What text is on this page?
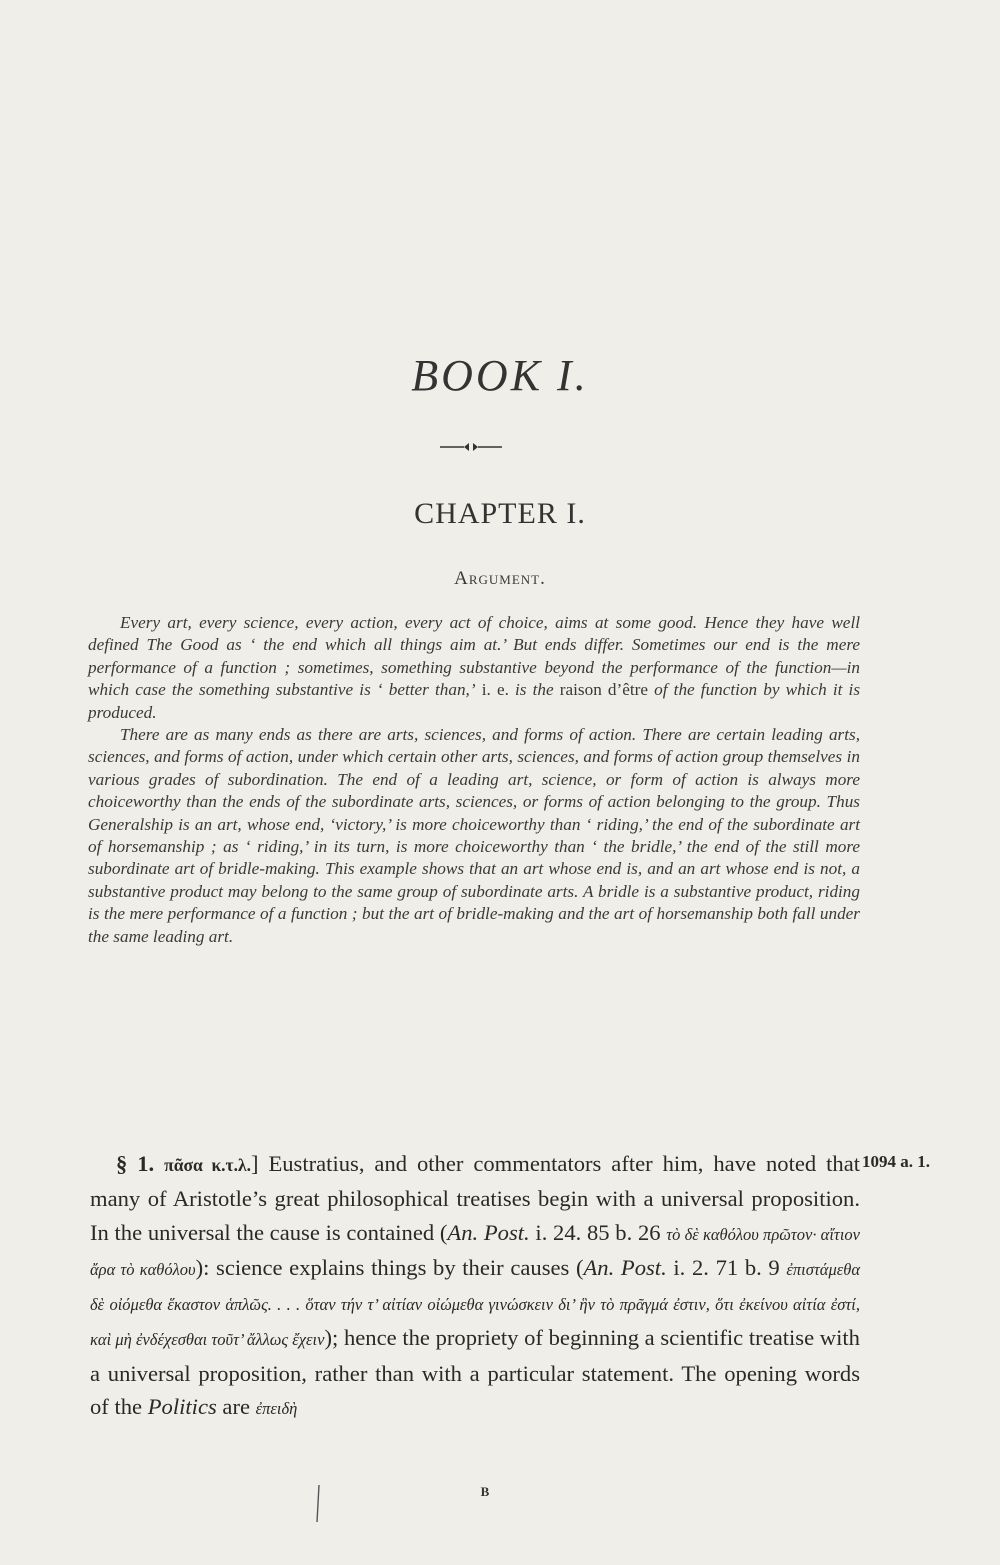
BOOK I.
CHAPTER I.
Argument.

Every art, every science, every action, every act of choice, aims at some good. Hence they have well defined The Good as ‘ the end which all things aim at.’ But ends differ. Sometimes our end is the mere performance of a function ; sometimes, something substantive beyond the performance of the function—in which case the something substantive is ‘ better than,’ i. e. is the raison d’être of the function by which it is produced.

There are as many ends as there are arts, sciences, and forms of action. There are certain leading arts, sciences, and forms of action, under which certain other arts, sciences, and forms of action group themselves in various grades of subordination. The end of a leading art, science, or form of action is always more choiceworthy than the ends of the subordinate arts, sciences, or forms of action belonging to the group. Thus Generalship is an art, whose end, ‘victory,’ is more choiceworthy than ‘ riding,’ the end of the subordinate art of horsemanship ; as ‘ riding,’ in its turn, is more choiceworthy than ‘ the bridle,’ the end of the still more subordinate art of bridle-making. This example shows that an art whose end is, and an art whose end is not, a substantive product may belong to the same group of subordinate arts. A bridle is a substantive product, riding is the mere performance of a function ; but the art of bridle-making and the art of horsemanship both fall under the same leading art.

§ 1. πᾶσα κ.τ.λ.] Eustratius, and other commentators after him, have noted that many of Aristotle’s great philosophical treatises begin with a universal proposition. In the universal the cause is contained (An. Post. i. 24. 85 b. 26 τὸ δὲ καθόλου πρῶτον· αἴτιον ἄρα τὸ καθόλου): science explains things by their causes (An. Post. i. 2. 71 b. 9 ἐπιστάμεθα δὲ οἰόμεθα ἕκαστον ἁπλῶς. . . . ὅταν τήν τ’ αἰτίαν οἰώμεθα γινώσκειν δι’ ἣν τὸ πρᾶγμά ἐστιν, ὅτι ἐκείνου αἰτία ἐστί, καὶ μὴ ἐνδέχεσθαι τοῦτ’ ἄλλως ἔχειν); hence the propriety of beginning a scientific treatise with a universal proposition, rather than with a particular statement. The opening words of the Politics are ἐπειδὴ

1094 a. 1.
B
